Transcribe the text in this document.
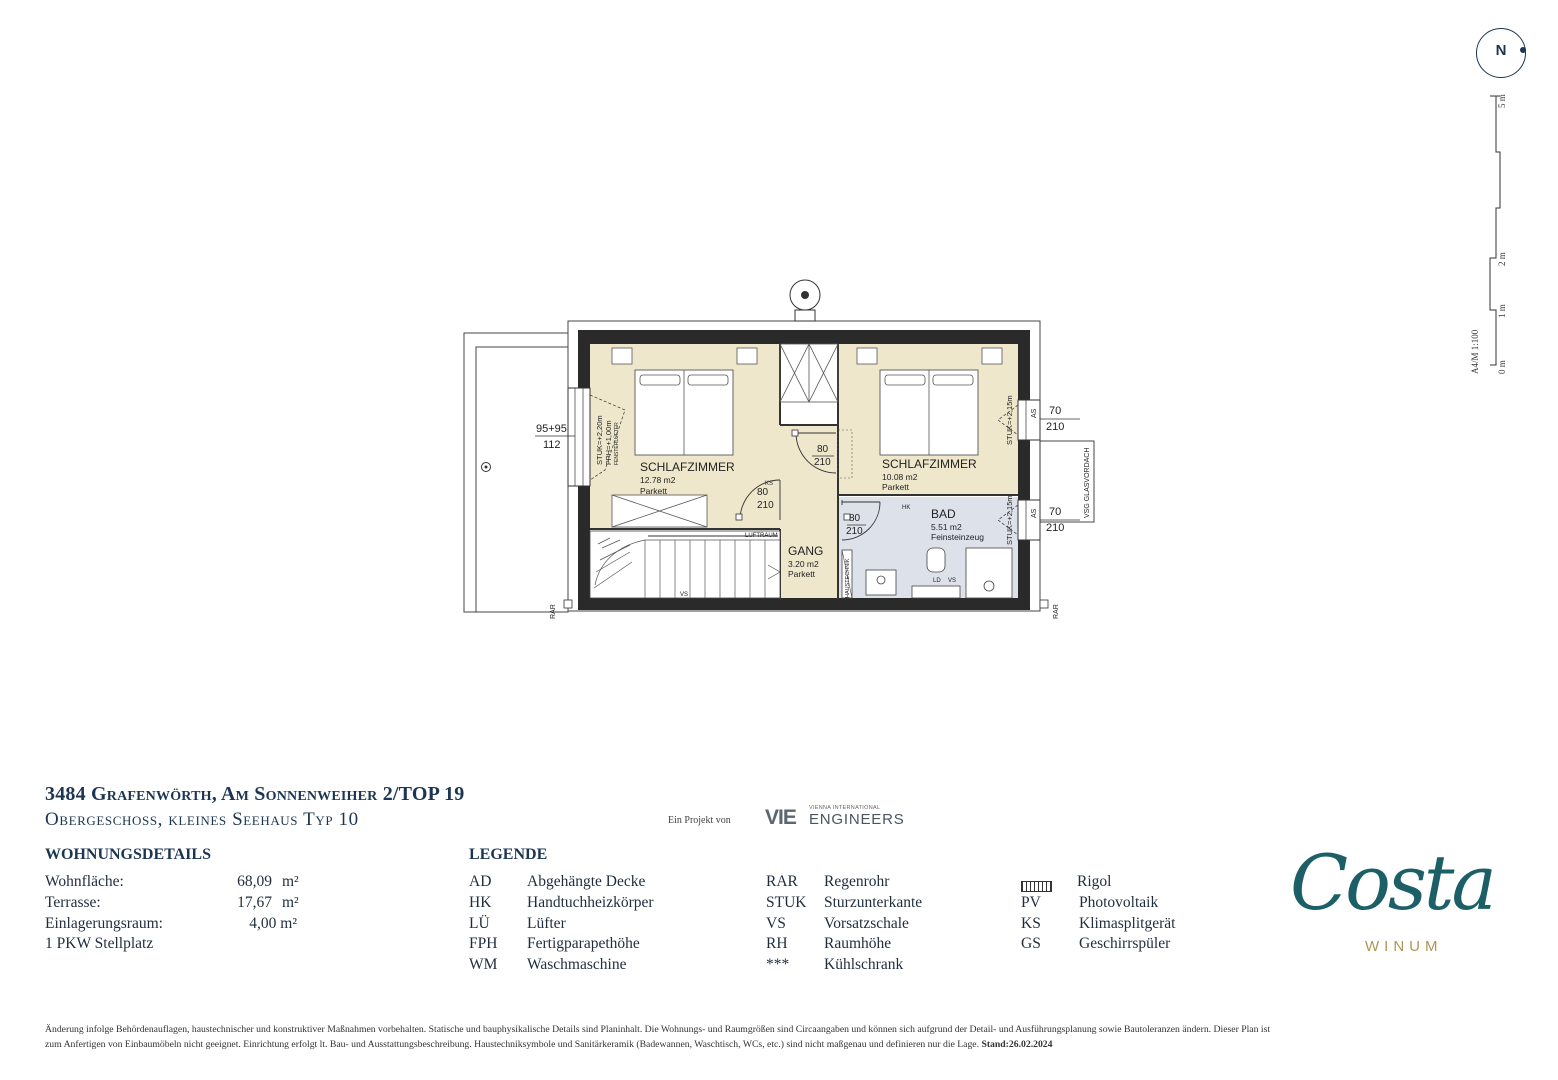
N
5 m
2 m
1 m
0 m
A4/M 1:100
SCHLAFZIMMER
12.78 m2
Parkett
SCHLAFZIMMER
10.08 m2
Parkett
GANG
3.20 m2
Parkett
BAD
5.51 m2
Feinsteinzeug
95+95
112	STUK=+2,20m FPH=+1,00m FENSTERLÜFTER
70
210
STUK=+2,15m AS
70
210
STUK=+2,15m AS
80
210
80
210
80
210
LUFTRAUM
HAUSTECHNIK
HK
LD VS
VS
KS
RAR	RAR
VSG GLASVORDACH
3484 Grafenwörth, Am Sonnenweiher 2/TOP 19
Obergeschoss, kleines Seehaus Typ 10	Ein Projekt von VIE VIENNA INTERNATIONAL
ENGINEERS
WOHNUNGSDETAILS
Wohnfläche:	68,09 m²
Terrasse:	17,67 m²
Einlagerungsraum:	4,00 m²
1 PKW Stellplatz
LEGENDE
AD Abgehängte Decke
HK Handtuchheizkörper
LÜ Lüfter
FPH Fertigparapethöhe
WM Waschmaschine
RAR Regenrohr
STUK Sturzunterkante
VS Vorsatzschale
RH Raumhöhe
*** Kühlschrank
Rigol
PV Photovoltaik
KS Klimasplitgerät
GS Geschirrspüler
Costa
WINUM
Änderung infolge Behördenauflagen, haustechnischer und konstruktiver Maßnahmen vorbehalten. Statische und bauphysikalische Details sind Planinhalt. Die Wohnungs- und Raumgrößen sind Circaangaben und können sich aufgrund der Detail- und Ausführungsplanung sowie Bautoleranzen ändern. Dieser Plan ist
zum Anfertigen von Einbaumöbeln nicht geeignet. Einrichtung erfolgt lt. Bau- und Ausstattungsbeschreibung. Haustechniksymbole und Sanitärkeramik (Badewannen, Waschtisch, WCs, etc.) sind nicht maßgenau und definieren nur die Lage. Stand:26.02.2024
